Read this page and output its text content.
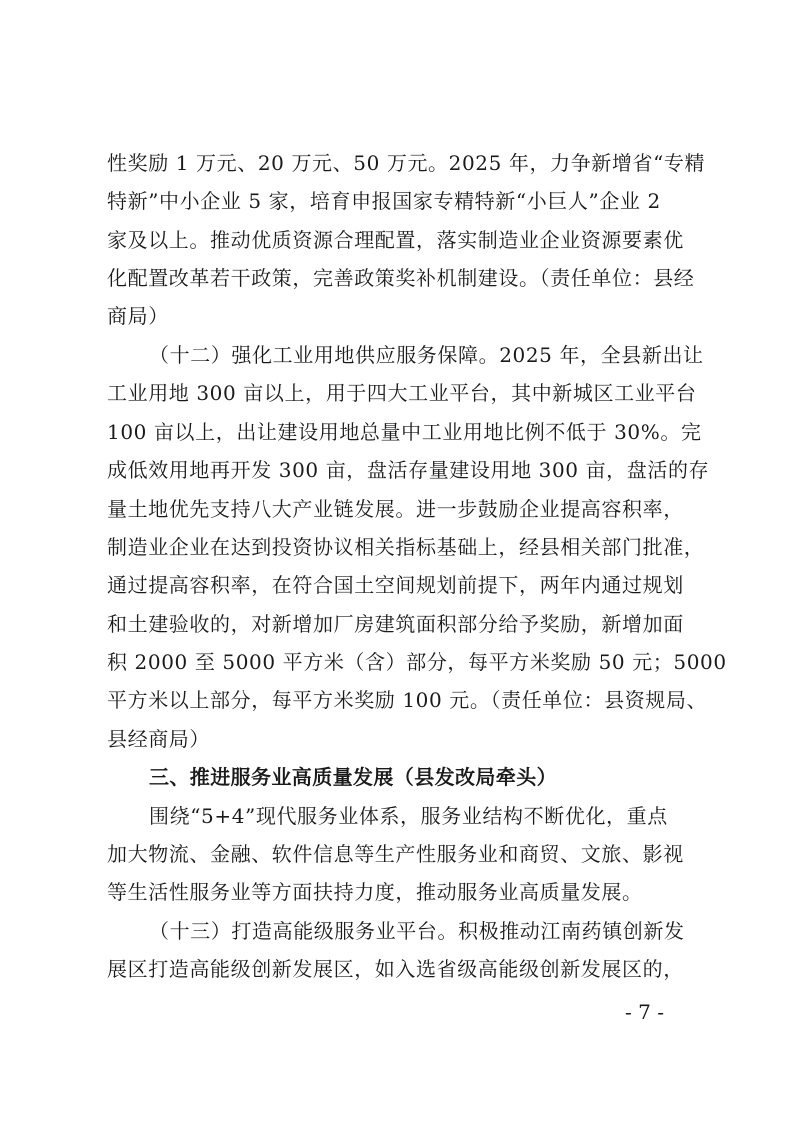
性奖励 1 万元、20 万元、50 万元。2025 年，力争新增省“专精
特新”中小企业 5 家，培育申报国家专精特新“小巨人”企业 2
家及以上。推动优质资源合理配置，落实制造业企业资源要素优
化配置改革若干政策，完善政策奖补机制建设。（责任单位：县经
商局）
（十二）强化工业用地供应服务保障。2025 年，全县新出让
工业用地 300 亩以上，用于四大工业平台，其中新城区工业平台
100 亩以上，出让建设用地总量中工业用地比例不低于 30%。完
成低效用地再开发 300 亩，盘活存量建设用地 300 亩，盘活的存
量土地优先支持八大产业链发展。进一步鼓励企业提高容积率，
制造业企业在达到投资协议相关指标基础上，经县相关部门批准，
通过提高容积率，在符合国土空间规划前提下，两年内通过规划
和土建验收的，对新增加厂房建筑面积部分给予奖励，新增加面
积 2000 至 5000 平方米（含）部分，每平方米奖励 50 元；5000
平方米以上部分，每平方米奖励 100 元。（责任单位：县资规局、
县经商局）
三、推进服务业高质量发展（县发改局牵头）
围绕“5+4”现代服务业体系，服务业结构不断优化，重点
加大物流、金融、软件信息等生产性服务业和商贸、文旅、影视
等生活性服务业等方面扶持力度，推动服务业高质量发展。
（十三）打造高能级服务业平台。积极推动江南药镇创新发
展区打造高能级创新发展区，如入选省级高能级创新发展区的，
- 7 -
